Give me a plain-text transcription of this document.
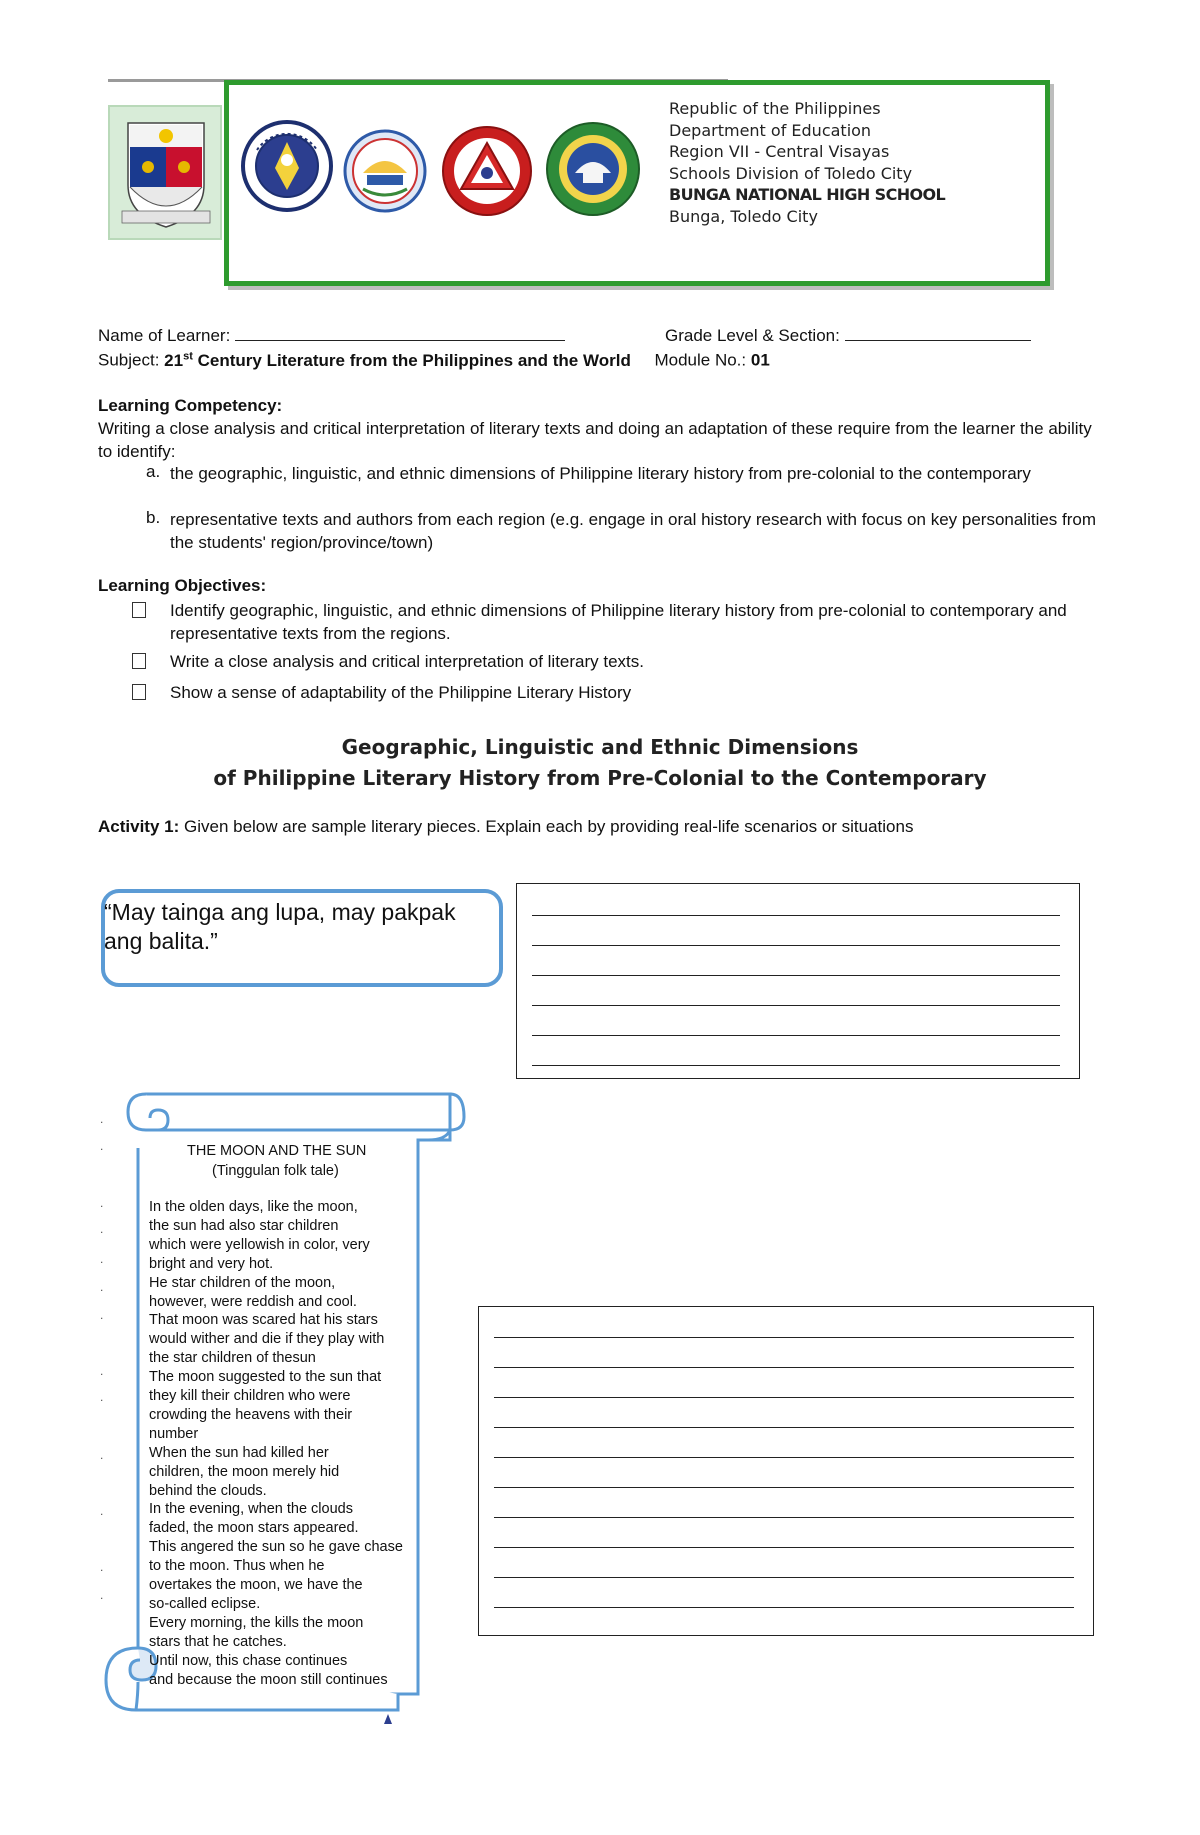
Republic of the Philippines
Department of Education
Region VII - Central Visayas
Schools Division of Toledo City
BUNGA NATIONAL HIGH SCHOOL
Bunga, Toledo City
Name of Learner:	Grade Level & Section:
Subject: 21st Century Literature from the Philippines and the World Module No.: 01
Learning Competency:
Writing a close analysis and critical interpretation of literary texts and doing an adaptation of these require from the learner the ability to identify:
a. the geographic, linguistic, and ethnic dimensions of Philippine literary history from pre-colonial to the contemporary
b. representative texts and authors from each region (e.g. engage in oral history research with focus on key personalities from the students' region/province/town)
Learning Objectives:
Identify geographic, linguistic, and ethnic dimensions of Philippine literary history from pre-colonial to contemporary and representative texts from the regions.
Write a close analysis and critical interpretation of literary texts.
Show a sense of adaptability of the Philippine Literary History
Geographic, Linguistic and Ethnic Dimensions
of Philippine Literary History from Pre-Colonial to the Contemporary
Activity 1: Given below are sample literary pieces. Explain each by providing real-life scenarios or situations
“May tainga ang lupa, may pakpak ang balita.”
THE MOON AND THE SUN
(Tinggulan folk tale)
In the olden days, like the moon,
the sun had also star children
which were yellowish in color, very
bright and very hot.
He star children of the moon,
however, were reddish and cool.
That moon was scared hat his stars
would wither and die if they play with
the star children of thesun
The moon suggested to the sun that
they kill their children who were
crowding the heavens with their
number
When the sun had killed her
children, the moon merely hid
behind the clouds.
In the evening, when the clouds
faded, the moon stars appeared.
This angered the sun so he gave chase
to the moon. Thus when he
overtakes the moon, we have the
so-called eclipse.
Every morning, the kills the moon
stars that he catches.
Until now, this chase continues
and because the moon still continues
.
.
.
.
.
.
.
.
.
.
.
.
.
